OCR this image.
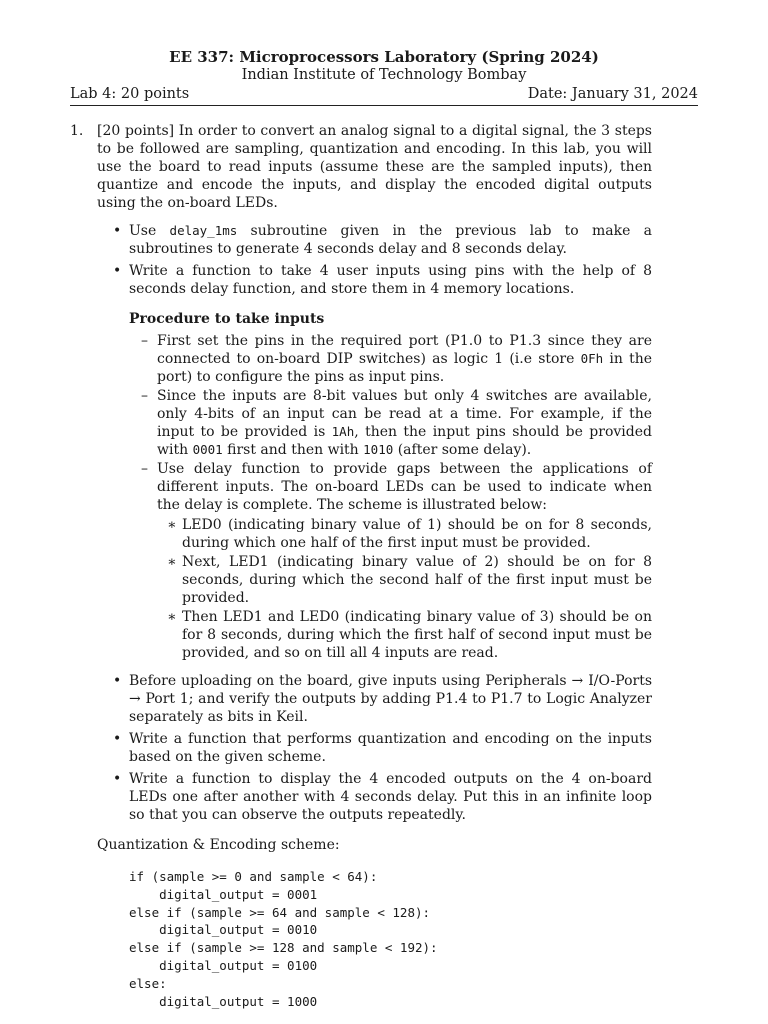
EE 337: Microprocessors Laboratory (Spring 2024)
Indian Institute of Technology Bombay
Lab 4: 20 points	Date: January 31, 2024
1. [20 points] In order to convert an analog signal to a digital signal, the 3 steps to be followed are sampling, quantization and encoding. In this lab, you will use the board to read inputs (assume these are the sampled inputs), then quantize and encode the inputs, and display the encoded digital outputs using the on-board LEDs.

• Use delay_1ms subroutine given in the previous lab to make a subroutines to generate 4 seconds delay and 8 seconds delay.
• Write a function to take 4 user inputs using pins with the help of 8 seconds delay function, and store them in 4 memory locations.
Procedure to take inputs
– First set the pins in the required port (P1.0 to P1.3 since they are connected to on-board DIP switches) as logic 1 (i.e store 0Fh in the port) to configure the pins as input pins.
– Since the inputs are 8-bit values but only 4 switches are available, only 4-bits of an input can be read at a time. For example, if the input to be provided is 1Ah, then the input pins should be provided with 0001 first and then with 1010 (after some delay).
– Use delay function to provide gaps between the applications of different inputs. The on-board LEDs can be used to indicate when the delay is complete. The scheme is illustrated below:
∗ LED0 (indicating binary value of 1) should be on for 8 seconds, during which one half of the first input must be provided.
∗ Next, LED1 (indicating binary value of 2) should be on for 8 seconds, during which the second half of the first input must be provided.
∗ Then LED1 and LED0 (indicating binary value of 3) should be on for 8 seconds, during which the first half of second input must be provided, and so on till all 4 inputs are read.
• Before uploading on the board, give inputs using Peripherals → I/O-Ports → Port 1; and verify the outputs by adding P1.4 to P1.7 to Logic Analyzer separately as bits in Keil.
• Write a function that performs quantization and encoding on the inputs based on the given scheme.
• Write a function to display the 4 encoded outputs on the 4 on-board LEDs one after another with 4 seconds delay. Put this in an infinite loop so that you can observe the outputs repeatedly.

Quantization & Encoding scheme:

if (sample >= 0 and sample < 64):
digital_output = 0001
else if (sample >= 64 and sample < 128):
digital_output = 0010
else if (sample >= 128 and sample < 192):
digital_output = 0100
else:
digital_output = 1000
